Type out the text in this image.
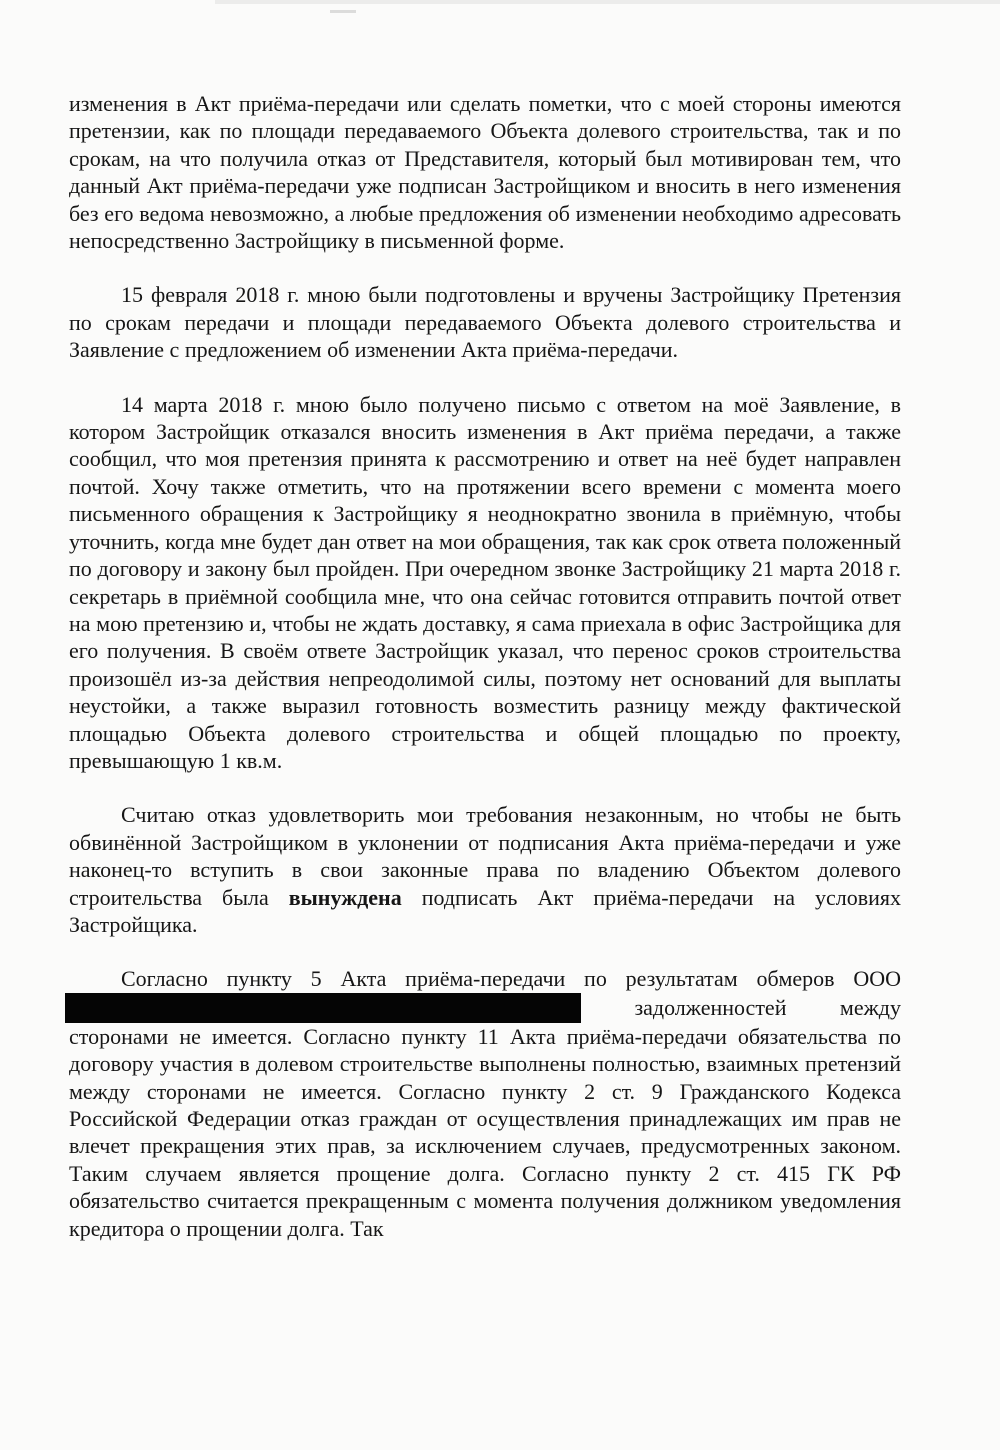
изменения в Акт приёма-передачи или сделать пометки, что с моей стороны имеются претензии, как по площади передаваемого Объекта долевого строительства, так и по срокам, на что получила отказ от Представителя, который был мотивирован тем, что данный Акт приёма-передачи уже подписан Застройщиком и вносить в него изменения без его ведома невозможно, а любые предложения об изменении необходимо адресовать непосредственно Застройщику в письменной форме.

15 февраля 2018 г. мною были подготовлены и вручены Застройщику Претензия по срокам передачи и площади передаваемого Объекта долевого строительства и Заявление с предложением об изменении Акта приёма-передачи.

14 марта 2018 г. мною было получено письмо с ответом на моё Заявление, в котором Застройщик отказался вносить изменения в Акт приёма передачи, а также сообщил, что моя претензия принята к рассмотрению и ответ на неё будет направлен почтой. Хочу также отметить, что на протяжении всего времени с момента моего письменного обращения к Застройщику я неоднократно звонила в приёмную, чтобы уточнить, когда мне будет дан ответ на мои обращения, так как срок ответа положенный по договору и закону был пройден. При очередном звонке Застройщику 21 марта 2018 г. секретарь в приёмной сообщила мне, что она сейчас готовится отправить почтой ответ на мою претензию и, чтобы не ждать доставку, я сама приехала в офис Застройщика для его получения. В своём ответе Застройщик указал, что перенос сроков строительства произошёл из-за действия непреодолимой силы, поэтому нет оснований для выплаты неустойки, а также выразил готовность возместить разницу между фактической площадью Объекта долевого строительства и общей площадью по проекту, превышающую 1 кв.м.

Считаю отказ удовлетворить мои требования незаконным, но чтобы не быть обвинённой Застройщиком в уклонении от подписания Акта приёма-передачи и уже наконец-то вступить в свои законные права по владению Объектом долевого строительства была вынуждена подписать Акт приёма-передачи на условиях Застройщика.

Согласно пункту 5 Акта приёма-передачи по результатам обмеров ООО  задолженностей между сторонами не имеется. Согласно пункту 11 Акта приёма-передачи обязательства по договору участия в долевом строительстве выполнены полностью, взаимных претензий между сторонами не имеется. Согласно пункту 2 ст. 9 Гражданского Кодекса Российской Федерации отказ граждан от осуществления принадлежащих им прав не влечет прекращения этих прав, за исключением случаев, предусмотренных законом. Таким случаем является прощение долга. Согласно пункту 2 ст. 415 ГК РФ обязательство считается прекращенным с момента получения должником уведомления кредитора о прощении долга. Так
